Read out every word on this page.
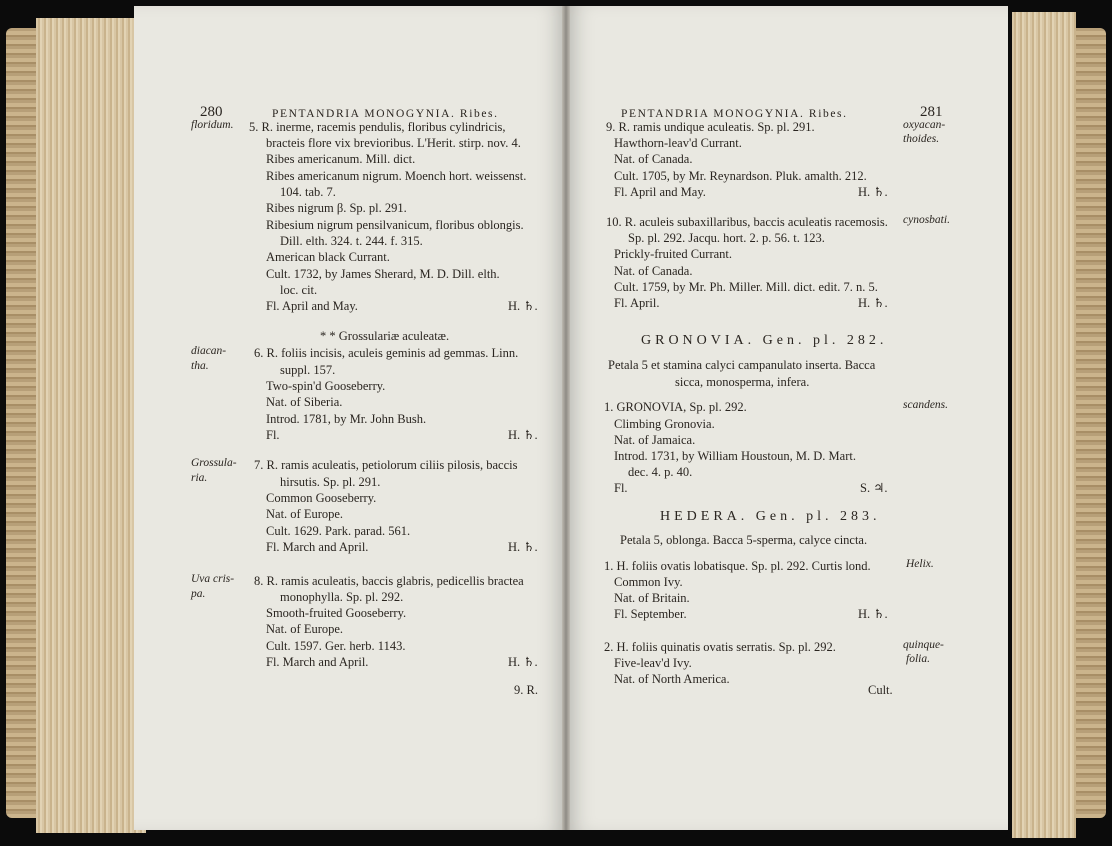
280	PENTANDRIA MONOGYNIA. Ribes.	PENTANDRIA MONOGYNIA. Ribes.	281
5. R. inerme, racemis pendulis, floribus cylindricis,
bracteis flore vix brevioribus. L'Herit. stirp. nov. 4.
Ribes americanum. Mill. dict.
Ribes americanum nigrum. Moench hort. weissenst.
104. tab. 7.
Ribes nigrum β. Sp. pl. 291.
Ribesium nigrum pensilvanicum, floribus oblongis.
Dill. elth. 324. t. 244. f. 315.
American black Currant.
Cult. 1732, by James Sherard, M. D. Dill. elth.
loc. cit.
Fl. April and May.	H. ♄.
* * Grossulariæ aculeatæ.
6. R. foliis incisis, aculeis geminis ad gemmas. Linn.
suppl. 157.
Two-spin'd Gooseberry.
Nat. of Siberia.
Introd. 1781, by Mr. John Bush.
Fl.	H. ♄.
7. R. ramis aculeatis, petiolorum ciliis pilosis, baccis
hirsutis. Sp. pl. 291.
Common Gooseberry.
Nat. of Europe.
Cult. 1629. Park. parad. 561.
Fl. March and April.	H. ♄.
8. R. ramis aculeatis, baccis glabris, pedicellis bractea
monophylla. Sp. pl. 292.
Smooth-fruited Gooseberry.
Nat. of Europe.
Cult. 1597. Ger. herb. 1143.
Fl. March and April.	H. ♄.
9. R.
floridum.
diacan-
tha.
Grossula-
ria.
Uva cris-
pa.
9. R. ramis undique aculeatis. Sp. pl. 291.
Hawthorn-leav'd Currant.
Nat. of Canada.
Cult. 1705, by Mr. Reynardson. Pluk. amalth. 212.
Fl. April and May.	H. ♄.
10. R. aculeis subaxillaribus, baccis aculeatis racemosis.
Sp. pl. 292. Jacqu. hort. 2. p. 56. t. 123.
Prickly-fruited Currant.
Nat. of Canada.
Cult. 1759, by Mr. Ph. Miller. Mill. dict. edit. 7. n. 5.
Fl. April.	H. ♄.
Petala 5 et stamina calyci campanulato inserta. Bacca
sicca, monosperma, infera.
1. GRONOVIA, Sp. pl. 292.
Climbing Gronovia.
Nat. of Jamaica.
Introd. 1731, by William Houstoun, M. D. Mart.
dec. 4. p. 40.
Fl.	S. ♃.
Petala 5, oblonga. Bacca 5-sperma, calyce cincta.
1. H. foliis ovatis lobatisque. Sp. pl. 292. Curtis lond.
Common Ivy.
Nat. of Britain.
Fl. September.	H. ♄.
2. H. foliis quinatis ovatis serratis. Sp. pl. 292.
Five-leav'd Ivy.
Nat. of North America.
Cult.
oxyacan-
thoides.
cynosbati.
scandens.
Helix.
quinque-
folia.
GRONOVIA. Gen. pl. 282.
HEDERA. Gen. pl. 283.
